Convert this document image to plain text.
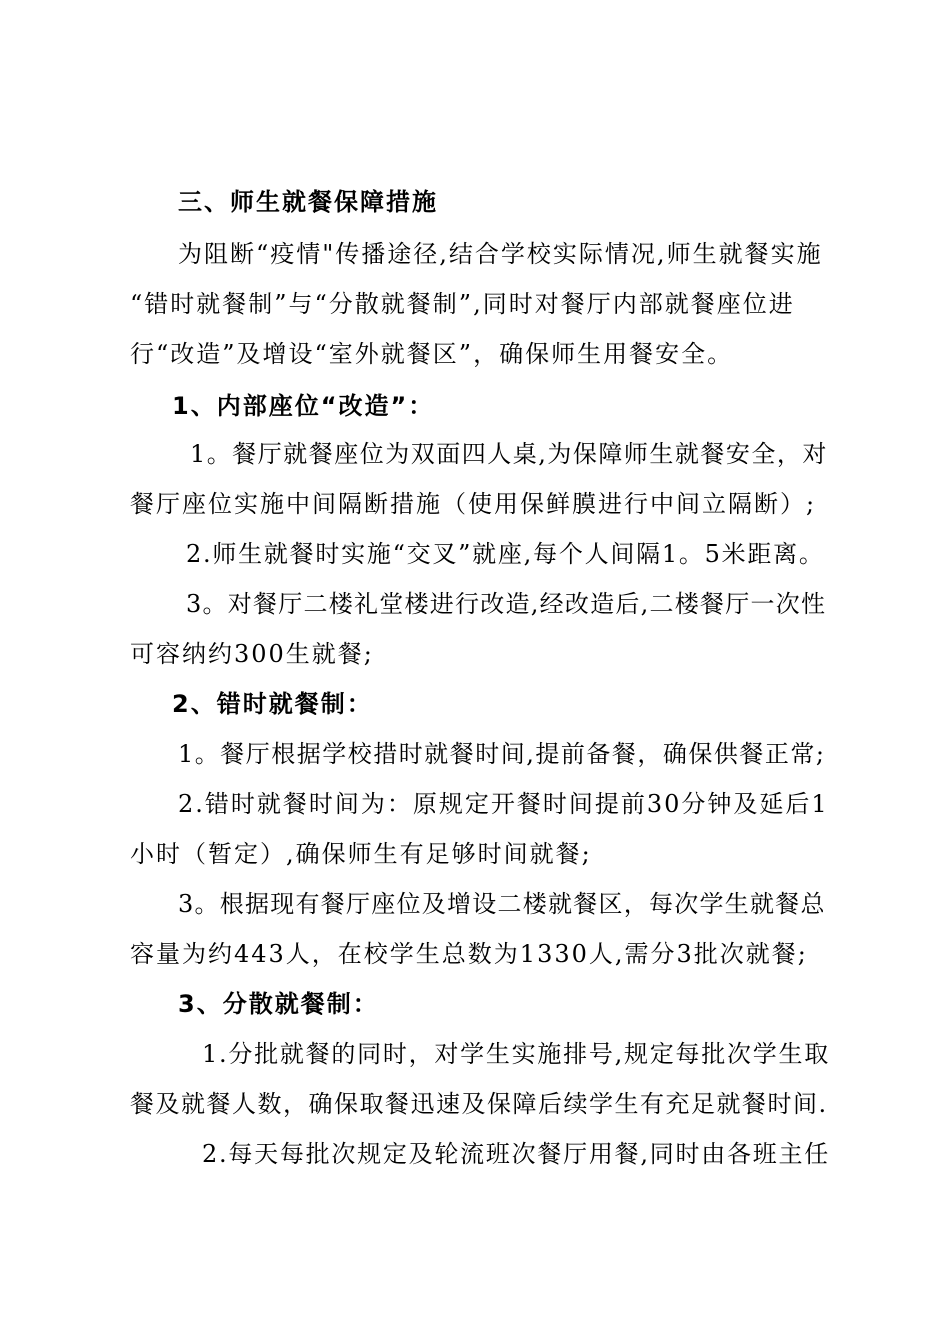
三、师生就餐保障措施
为阻断“疫情"传播途径,结合学校实际情况,师生就餐实施
“错时就餐制”与“分散就餐制”,同时对餐厅内部就餐座位进
行“改造”及增设“室外就餐区”，确保师生用餐安全。
1、内部座位“改造”：
1。餐厅就餐座位为双面四人桌,为保障师生就餐安全，对
餐厅座位实施中间隔断措施（使用保鲜膜进行中间立隔断）;
2.师生就餐时实施“交叉”就座,每个人间隔1。5米距离。
3。对餐厅二楼礼堂楼进行改造,经改造后,二楼餐厅一次性
可容纳约300生就餐;
2、错时就餐制：
1。餐厅根据学校措时就餐时间,提前备餐，确保供餐正常;
2.错时就餐时间为：原规定开餐时间提前30分钟及延后1
小时（暂定）,确保师生有足够时间就餐;
3。根据现有餐厅座位及增设二楼就餐区，每次学生就餐总
容量为约443人，在校学生总数为1330人,需分3批次就餐;
3、分散就餐制：
1.分批就餐的同时，对学生实施排号,规定每批次学生取
餐及就餐人数，确保取餐迅速及保障后续学生有充足就餐时间.
2.每天每批次规定及轮流班次餐厅用餐,同时由各班主任
